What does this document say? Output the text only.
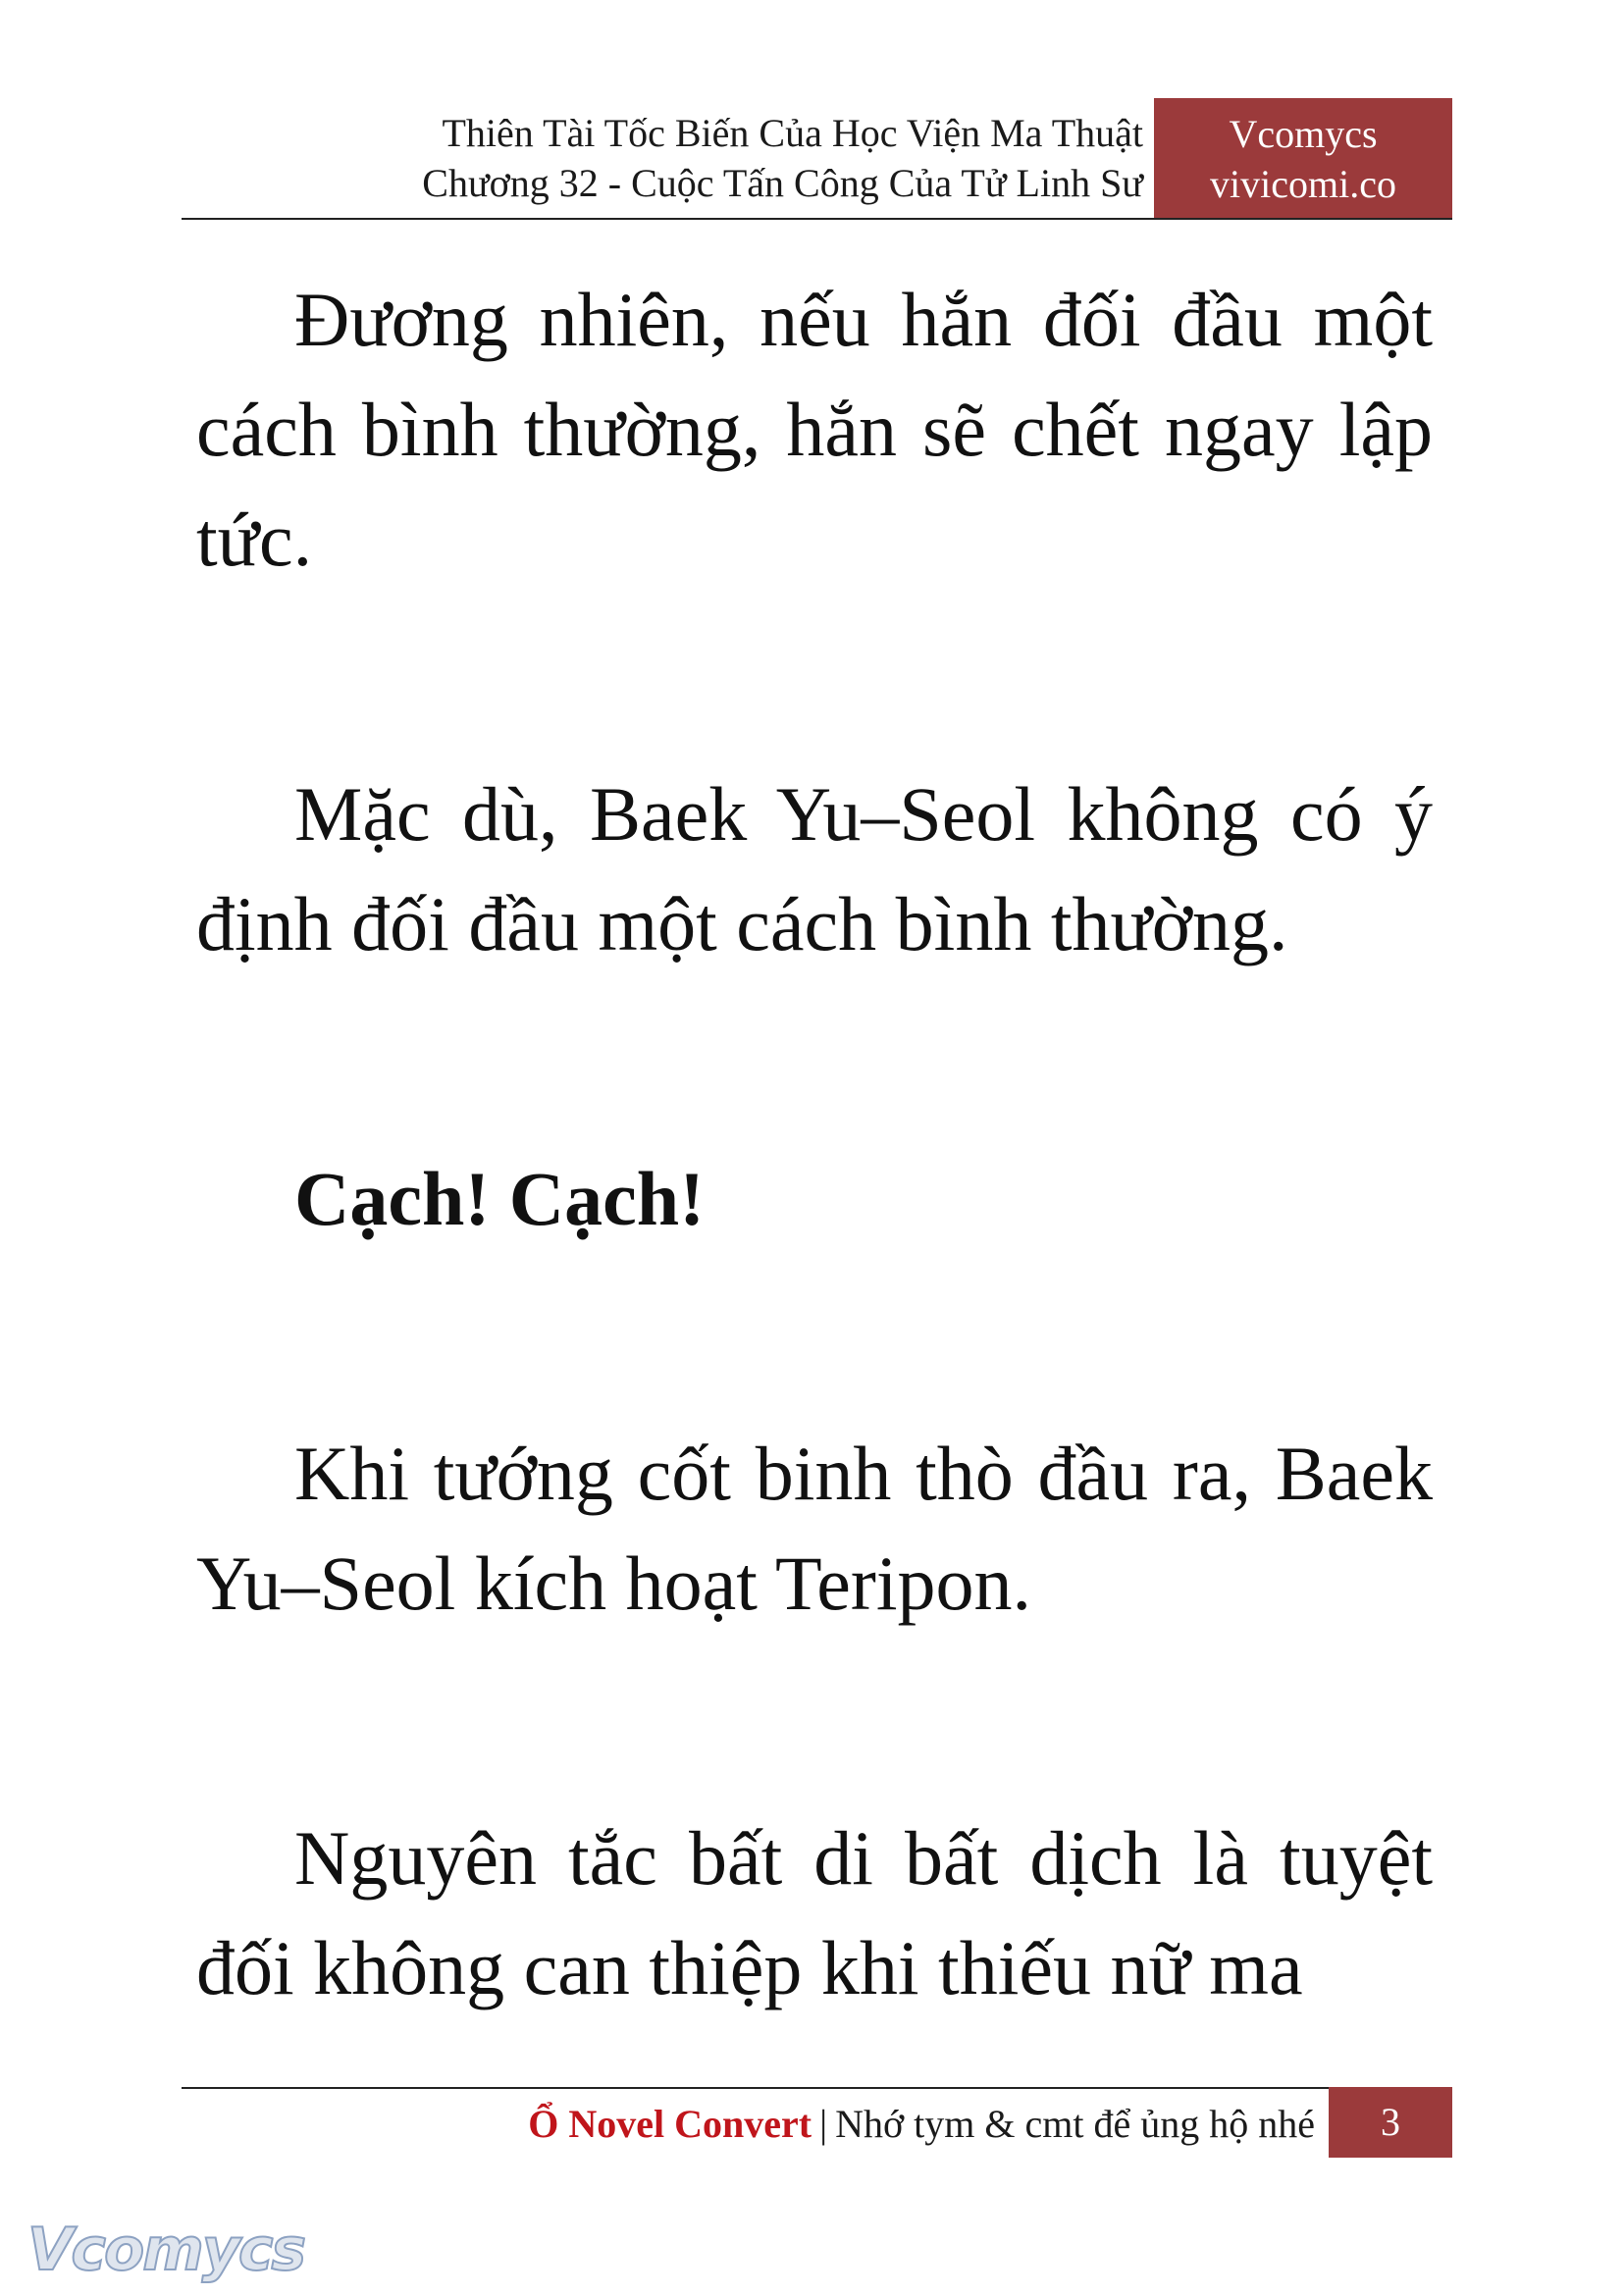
Thiên Tài Tốc Biến Của Học Viện Ma Thuật
Chương 32 - Cuộc Tấn Công Của Tử Linh Sư
Vcomycs
vivicomi.co

Đương nhiên, nếu hắn đối đầu một cách bình thường, hắn sẽ chết ngay lập tức.

Mặc dù, Baek Yu–Seol không có ý định đối đầu một cách bình thường.

Cạch! Cạch!

Khi tướng cốt binh thò đầu ra, Baek Yu–Seol kích hoạt Teripon.

Nguyên tắc bất di bất dịch là tuyệt đối không can thiệp khi thiếu nữ ma

Ổ Novel Convert | Nhớ tym & cmt để ủng hộ nhé	3
Vcomycs
